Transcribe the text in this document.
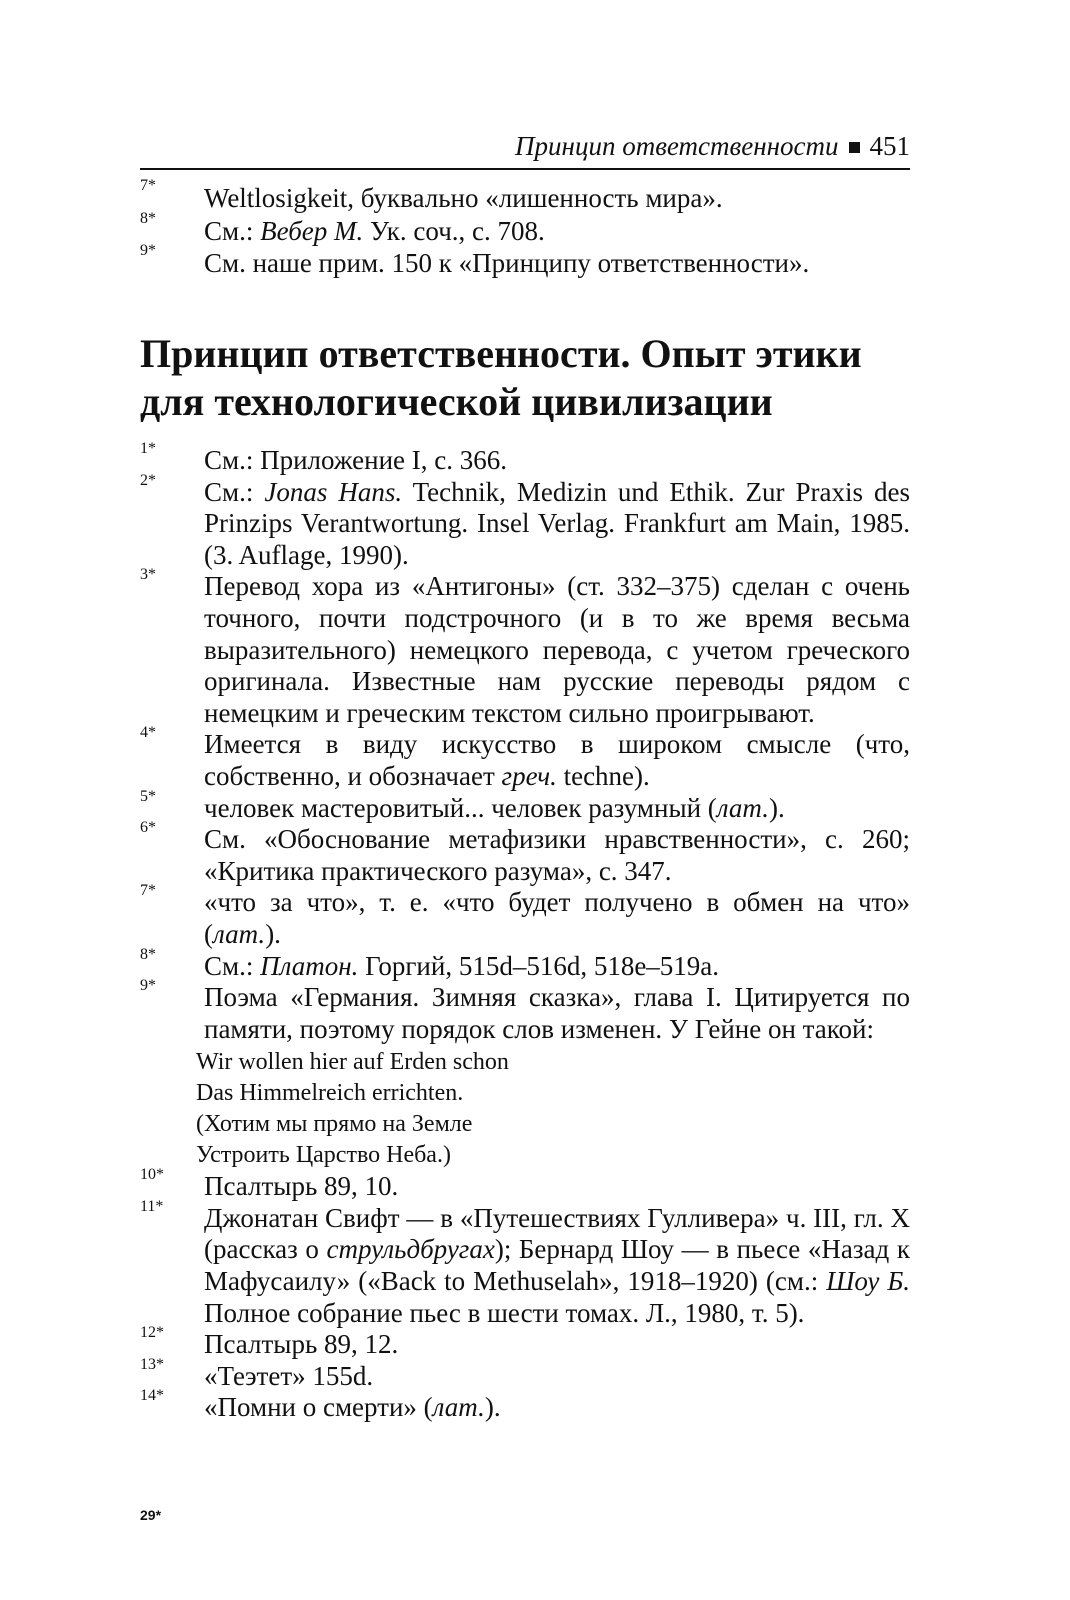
Принцип ответственности 451

7* Weltlosigkeit, буквально «лишенность мира».

8* См.: Вебер М. Ук. соч., с. 708.

9* См. наше прим. 150 к «Принципу ответственности».

Принцип ответственности. Опыт этики для технологической цивилизации

1* См.: Приложение I, с. 366.

2* См.: Jonas Hans. Technik, Medizin und Ethik. Zur Praxis des Prinzips Verantwortung. Insel Verlag. Frankfurt am Main, 1985. (3. Auflage, 1990).

3* Перевод хора из «Антигоны» (ст. 332–375) сделан с очень точного, почти подстрочного (и в то же время весьма выразительного) немецкого перевода, с учетом греческого оригинала. Известные нам русские переводы рядом с немецким и греческим текстом сильно проигрывают.

4* Имеется в виду искусство в широком смысле (что, собственно, и обозначает греч. techne).

5* человек мастеровитый... человек разумный (лат.).

6* См. «Обоснование метафизики нравственности», с. 260; «Критика практического разума», с. 347.

7* «что за что», т. е. «что будет получено в обмен на что» (лат.).

8* См.: Платон. Горгий, 515d–516d, 518e–519a.

9* Поэма «Германия. Зимняя сказка», глава I. Цитируется по памяти, поэтому порядок слов изменен. У Гейне он такой:

Wir wollen hier auf Erden schon
Das Himmelreich errichten.
(Хотим мы прямо на Земле
Устроить Царство Неба.)

10* Псалтырь 89, 10.

11* Джонатан Свифт — в «Путешествиях Гулливера» ч. III, гл. X (рассказ о струльдбругах); Бернард Шоу — в пьесе «Назад к Мафусаилу» («Back to Methuselah», 1918–1920) (см.: Шоу Б. Полное собрание пьес в шести томах. Л., 1980, т. 5).

12* Псалтырь 89, 12.

13* «Теэтет» 155d.

14* «Помни о смерти» (лат.).

29*
